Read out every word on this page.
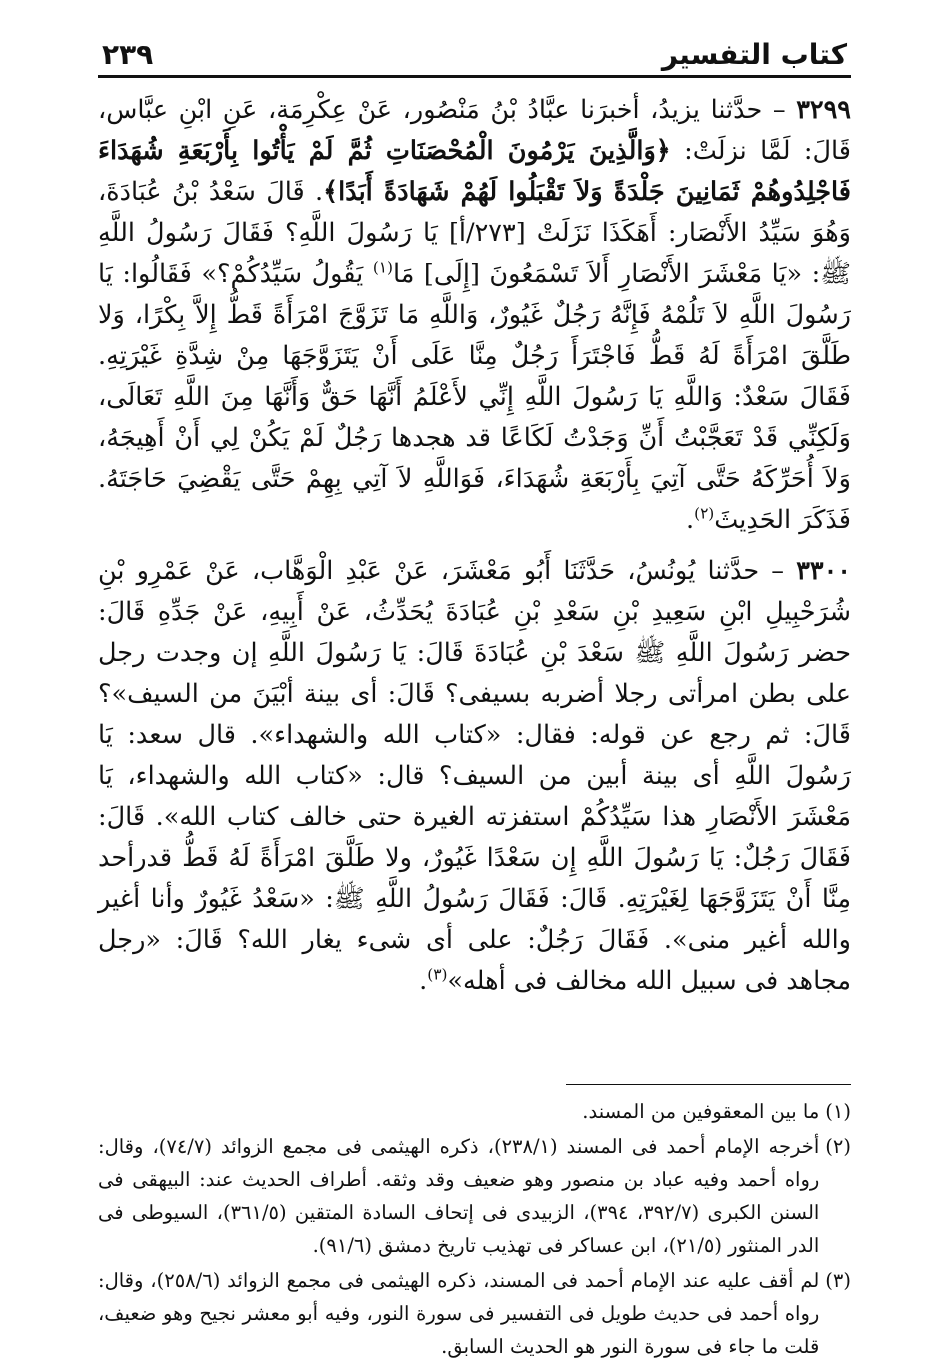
كتاب التفسير
٢٣٩

٣٢٩٩ – حدَّثنا يزيدُ، أخبرَنا عبَّادُ بْنُ مَنْصُور، عَنْ عِكْرِمَة، عَنِ ابْنِ عبَّاس، قَالَ: لَمَّا نزلَتْ: ﴿وَالَّذِينَ يَرْمُونَ الْمُحْصَنَاتِ ثُمَّ لَمْ يَأْتُوا بِأَرْبَعَةِ شُهَدَاءَ فَاجْلِدُوهُمْ ثَمَانِينَ جَلْدَةً وَلاَ تَقْبَلُوا لَهُمْ شَهَادَةً أَبَدًا﴾. قَالَ سَعْدُ بْنُ عُبَادَةَ، وَهُوَ سَيِّدُ الأَنْصَار: أَهَكَذَا نَزَلَتْ [٢٧٣/أ] يَا رَسُولَ اللَّهِ؟ فَقَالَ رَسُولُ اللَّهِ ﷺ: «يَا مَعْشَرَ الأَنْصَارِ أَلاَ تَسْمَعُونَ [إِلَى] مَا$^{(١)}$ يَقُولُ سَيِّدُكُمْ؟» فَقَالُوا: يَا رَسُولَ اللَّهِ لاَ تَلُمْهُ فَإِنَّهُ رَجُلٌ غَيُورٌ، وَاللَّهِ مَا تَزَوَّجَ امْرَأَةً قَطُّ إِلاَّ بِكْرًا، وَلا طَلَّقَ امْرَأَةً لَهُ قَطُّ فَاجْتَرَأَ رَجُلٌ مِنَّا عَلَى أَنْ يَتَزَوَّجَهَا مِنْ شِدَّةِ غَيْرَتِهِ. فَقَالَ سَعْدٌ: وَاللَّهِ يَا رَسُولَ اللَّهِ إِنِّي لأَعْلَمُ أَنَّهَا حَقٌّ وَأَنَّهَا مِنَ اللَّهِ تَعَالَى، وَلَكِنِّي قَدْ تَعَجَّبْتُ أَنِّ وَجَدْتُ لَكَاعًا قد هجدها رَجُلٌ لَمْ يَكُنْ لِي أَنْ أَهِيجَهُ، وَلاَ أُحَرِّكَهُ حَتَّى آتِيَ بِأَرْبَعَةِ شُهَدَاءَ، فَوَاللَّهِ لاَ آتِي بِهِمْ حَتَّى يَقْضِيَ حَاجَتَهُ. فَذَكَرَ الحَدِيثَ$^{(٢)}$.

٣٣٠٠ – حدَّثنا يُونُسُ، حَدَّثَنَا أَبُو مَعْشَرَ، عَنْ عَبْدِ الْوَهَّاب، عَنْ عَمْرِو بْنِ شُرَحْبِيلِ ابْنِ سَعِيدِ بْنِ سَعْدِ بْنِ عُبَادَةَ يُحَدِّثُ، عَنْ أَبِيهِ، عَنْ جَدِّهِ قَالَ: حضر رَسُولَ اللَّهِ ﷺ سَعْدَ بْنِ عُبَادَةَ قَالَ: يَا رَسُولَ اللَّهِ إن وجدت رجل على بطن امرأتى رجلا أضربه بسيفى؟ قَالَ: أى بينة أبْيَنَ من السيف»؟ قَالَ: ثم رجع عن قوله: فقال: «كتاب الله والشهداء». قال سعد: يَا رَسُولَ اللَّهِ أى بينة أبين من السيف؟ قال: «كتاب الله والشهداء، يَا مَعْشَرَ الأَنْصَارِ هذا سَيِّدُكُمْ استفزته الغيرة حتى خالف كتاب الله». قَالَ: فَقَالَ رَجُلٌ: يَا رَسُولَ اللَّهِ إِن سَعْدًا غَيُورٌ، ولا طَلَّقَ امْرَأَةً لَهُ قَطُّ قدرأحد مِنَّا أَنْ يَتَزَوَّجَهَا لِغَيْرَتِهِ. قَالَ: فَقَالَ رَسُولُ اللَّهِ ﷺ: «سَعْدُ غَيُورٌ وأنا أغير والله أغير منى». فَقَالَ رَجُلٌ: على أى شىء يغار الله؟ قَالَ: «رجل مجاهد فى سبيل الله مخالف فى أهله»$^{(٣)}$.

(١)
ما بين المعقوفين من المسند.

(٢)
أخرجه الإمام أحمد فى المسند (٢٣٨/١)، ذكره الهيثمى فى مجمع الزوائد (٧٤/٧)، وقال: رواه أحمد وفيه عباد بن منصور وهو ضعيف وقد وثقه. أطراف الحديث عند: البيهقى فى السنن الكبرى (٣٩٢/٧، ٣٩٤)، الزبيدى فى إتحاف السادة المتقين (٣٦١/٥)، السيوطى فى الدر المنثور (٢١/٥)، ابن عساكر فى تهذيب تاريخ دمشق (٩١/٦).

(٣)
لم أقف عليه عند الإمام أحمد فى المسند، ذكره الهيثمى فى مجمع الزوائد (٢٥٨/٦)، وقال: رواه أحمد فى حديث طويل فى التفسير فى سورة النور، وفيه أبو معشر نجيح وهو ضعيف، قلت ما جاء فى سورة النور هو الحديث السابق.
